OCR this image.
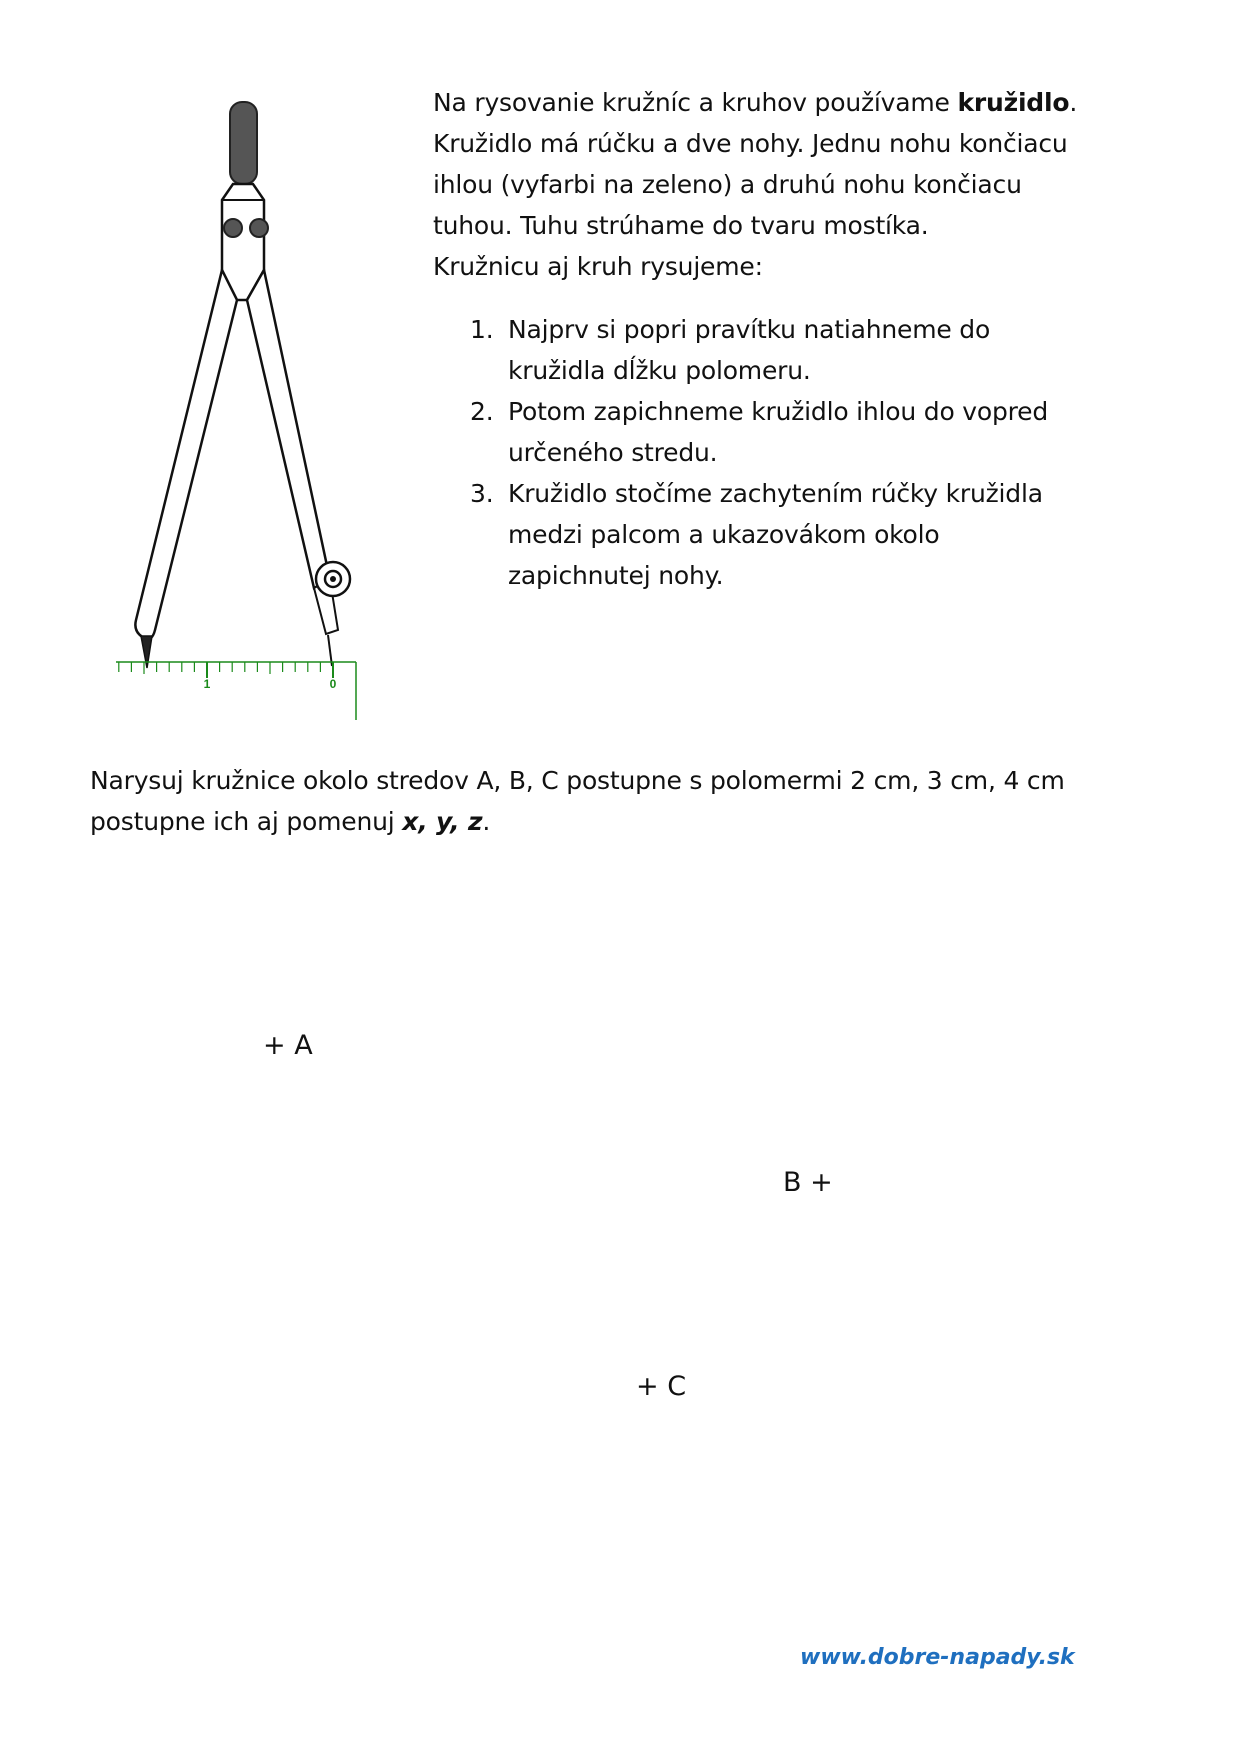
1	0
Na rysovanie kružníc a kruhov používame kružidlo.
Kružidlo má rúčku a dve nohy. Jednu nohu končiacu
ihlou (vyfarbi na zeleno) a druhú nohu končiacu
tuhou. Tuhu strúhame do tvaru mostíka.
Kružnicu aj kruh rysujeme:
1. Najprv si popri pravítku natiahneme do
kružidla dĺžku polomeru.
2. Potom zapichneme kružidlo ihlou do vopred
určeného stredu.
3. Kružidlo stočíme zachytením rúčky kružidla
medzi palcom a ukazovákom okolo
zapichnutej nohy.
Narysuj kružnice okolo stredov A, B, C postupne s polomermi 2 cm, 3 cm, 4 cm
postupne ich aj pomenuj x, y, z.
+ A
B +
+ C
www.dobre-napady.sk
